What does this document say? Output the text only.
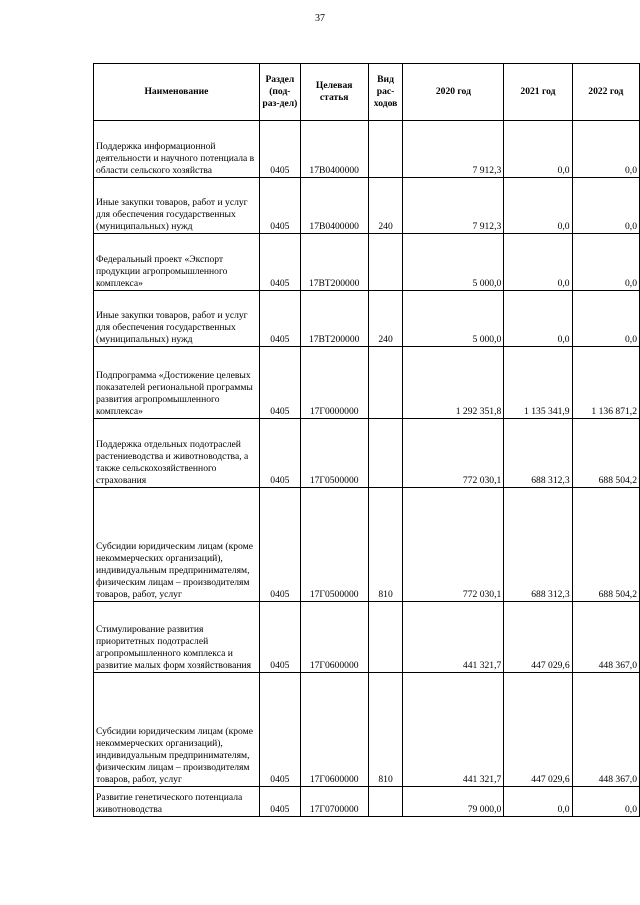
37
Наименование	Раздел (под-раз-дел)	Целевая статья	Вид рас-ходов	2020 год	2021 год	2022 год
Поддержка информационной деятельности и научного потенциала в области сельского хозяйства	0405	17В0400000		7 912,3	0,0	0,0
Иные закупки товаров, работ и услуг для обеспечения государственных (муниципальных) нужд	0405	17В0400000	240	7 912,3	0,0	0,0
Федеральный проект «Экспорт продукции агропромышленного комплекса»	0405	17ВТ200000		5 000,0	0,0	0,0
Иные закупки товаров, работ и услуг для обеспечения государственных (муниципальных) нужд	0405	17ВТ200000	240	5 000,0	0,0	0,0
Подпрограмма «Достижение целевых показателей региональной программы развития агропромышленного комплекса»	0405	17Г0000000		1 292 351,8	1 135 341,9	1 136 871,2
Поддержка отдельных подотраслей растениеводства и животноводства, а также сельскохозяйственного страхования	0405	17Г0500000		772 030,1	688 312,3	688 504,2
Субсидии юридическим лицам (кроме некоммерческих организаций), индивидуальным предпринимателям, физическим лицам – производителям товаров, работ, услуг	0405	17Г0500000	810	772 030,1	688 312,3	688 504,2
Стимулирование развития приоритетных подотраслей агропромышленного комплекса и развитие малых форм хозяйствования	0405	17Г0600000		441 321,7	447 029,6	448 367,0
Субсидии юридическим лицам (кроме некоммерческих организаций), индивидуальным предпринимателям, физическим лицам – производителям товаров, работ, услуг	0405	17Г0600000	810	441 321,7	447 029,6	448 367,0
Развитие генетического потенциала животноводства	0405	17Г0700000		79 000,0	0,0	0,0
